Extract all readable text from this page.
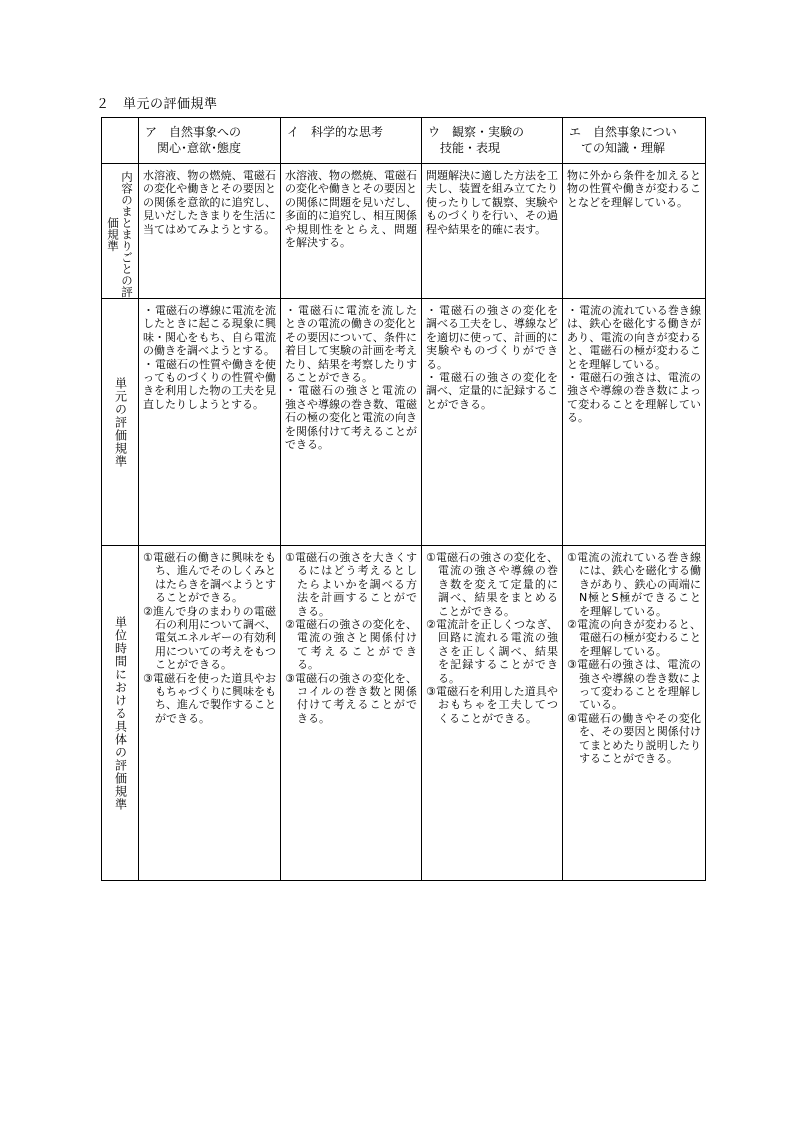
２　単元の評価規準
	ア　自然事象への
　関心･意欲･態度	イ　科学的な思考	ウ　観察・実験の
　技能・表現	エ　自然事象につい
　ての知識・理解

内容のまとまりごとの評価規準	水溶液、物の燃焼、電磁石の変化や働きとその要因との関係を意欲的に追究し、見いだしたきまりを生活に当てはめてみようとする。	水溶液、物の燃焼、電磁石の変化や働きとその要因との関係に問題を見いだし、多面的に追究し、相互関係や規則性をとらえ、問題を解決する。	問題解決に適した方法を工夫し、装置を組み立てたり使ったりして観察、実験やものづくりを行い、その過程や結果を的確に表す。	物に外から条件を加えると物の性質や働きが変わることなどを理解している。

単元の評価規準	・電磁石の導線に電流を流したときに起こる現象に興味・関心をもち、自ら電流の働きを調べようとする。
・電磁石の性質や働きを使ってものづくりの性質や働きを利用した物の工夫を見直したりしようとする。	・電磁石に電流を流したときの電流の働きの変化とその要因について、条件に着目して実験の計画を考えたり、結果を考察したりすることができる。
・電磁石の強さと電流の強さや導線の巻き数、電磁石の極の変化と電流の向きを関係付けて考えることができる。	・電磁石の強さの変化を調べる工夫をし、導線などを適切に使って、計画的に実験やものづくりができる。
・電磁石の強さの変化を調べ、定量的に記録することができる。	・電流の流れている巻き線は、鉄心を磁化する働きがあり、電流の向きが変わると、電磁石の極が変わることを理解している。
・電磁石の強さは、電流の強さや導線の巻き数によって変わることを理解している。

単位時間における具体の評価規準	①電磁石の働きに興味をもち、進んでそのしくみとはたらきを調べようとすることができる。
②進んで身のまわりの電磁石の利用について調べ、電気エネルギーの有効利用についての考えをもつことができる。
③電磁石を使った道具やおもちゃづくりに興味をもち、進んで製作することができる。	①電磁石の強さを大きくするにはどう考えるとしたらよいかを調べる方法を計画することができる。
②電磁石の強さの変化を、電流の強さと関係付けて考えることができる。
③電磁石の強さの変化を、コイルの巻き数と関係付けて考えることができる。	①電磁石の強さの変化を、電流の強さや導線の巻き数を変えて定量的に調べ、結果をまとめることができる。
②電流計を正しくつなぎ、回路に流れる電流の強さを正しく調べ、結果を記録することができる。
③電磁石を利用した道具やおもちゃを工夫してつくることができる。	①電流の流れている巻き線には、鉄心を磁化する働きがあり、鉄心の両端にN極とS極ができることを理解している。
②電流の向きが変わると、電磁石の極が変わることを理解している。
③電磁石の強さは、電流の強さや導線の巻き数によって変わることを理解している。
④電磁石の働きやその変化を、その要因と関係付けてまとめたり説明したりすることができる。
